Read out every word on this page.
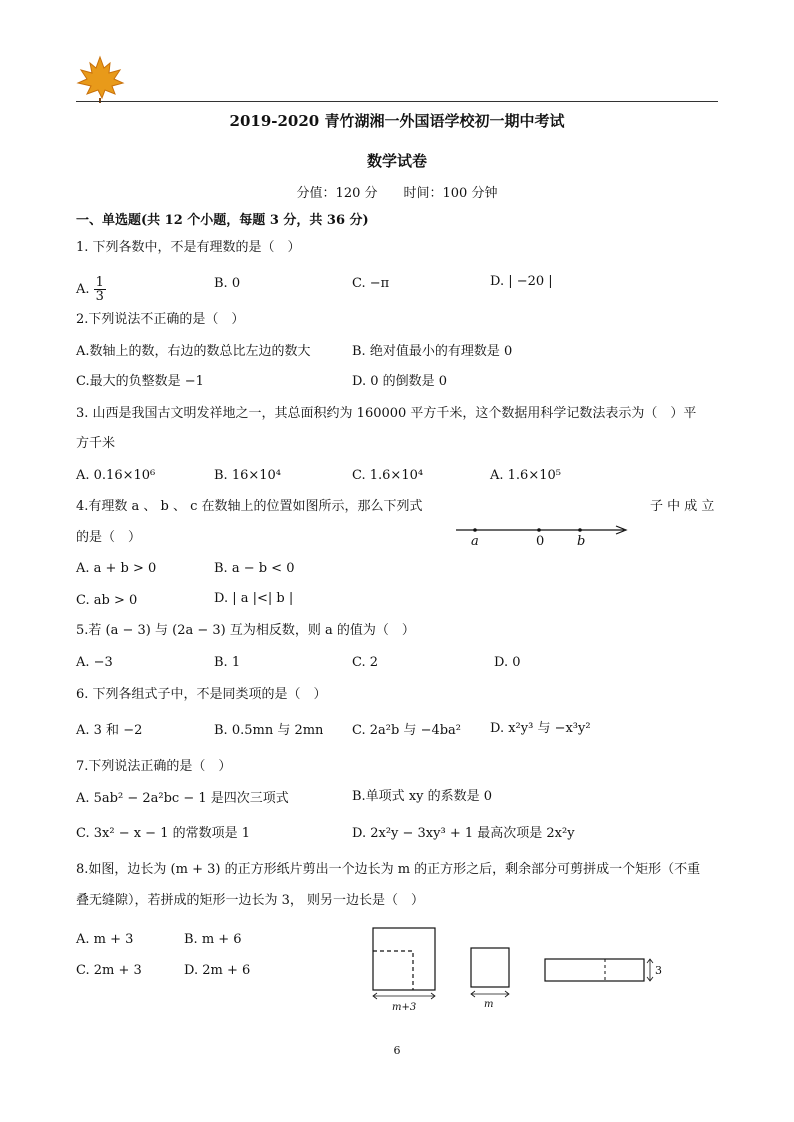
2019-2020 青竹湖湘一外国语学校初一期中考试
数学试卷
分值：120 分　　时间：100 分钟
一、单选题(共 12 个小题，每题 3 分，共 36 分)
1. 下列各数中，不是有理数的是（　）
A. $\frac{1}{3}$	B. 0	C. −π	D. | −20 |
2.下列说法不正确的是（　）
A.数轴上的数，右边的数总比左边的数大	B. 绝对值最小的有理数是 0
C.最大的负整数是 −1	D. 0 的倒数是 0
3. 山西是我国古文明发祥地之一，其总面积约为 160000 平方千米，这个数据用科学记数法表示为（　）平
方千米
A. 0.16×10⁶	B. 16×10⁴	C. 1.6×10⁴	A. 1.6×10⁵
4.有理数 a 、 b 、 c 在数轴上的位置如图所示，那么下列式	子 中 成 立
的是（　）	a	0	b
A. a + b > 0	B. a − b < 0
C. ab > 0	D. | a |<| b |
5.若 (a − 3) 与 (2a − 3) 互为相反数，则 a 的值为（　）
A. −3	B. 1	C. 2	D. 0
6. 下列各组式子中，不是同类项的是（　）
A. 3 和 −2	B. 0.5mn 与 2mn C. 2a²b 与 −4ba² D. x²y³ 与 −x³y²
7.下列说法正确的是（　）
A. 5ab² − 2a²bc − 1 是四次三项式	B.单项式 xy 的系数是 0
C. 3x² − x − 1 的常数项是 1	D. 2x²y − 3xy³ + 1 最高次项是 2x²y
8.如图，边长为 (m + 3) 的正方形纸片剪出一个边长为 m 的正方形之后，剩余部分可剪拼成一个矩形（不重
叠无缝隙），若拼成的矩形一边长为 3， 则另一边长是（　）
A. m + 3	B. m + 6
C. 2m + 3	D. 2m + 6
m+3	m
3
6
